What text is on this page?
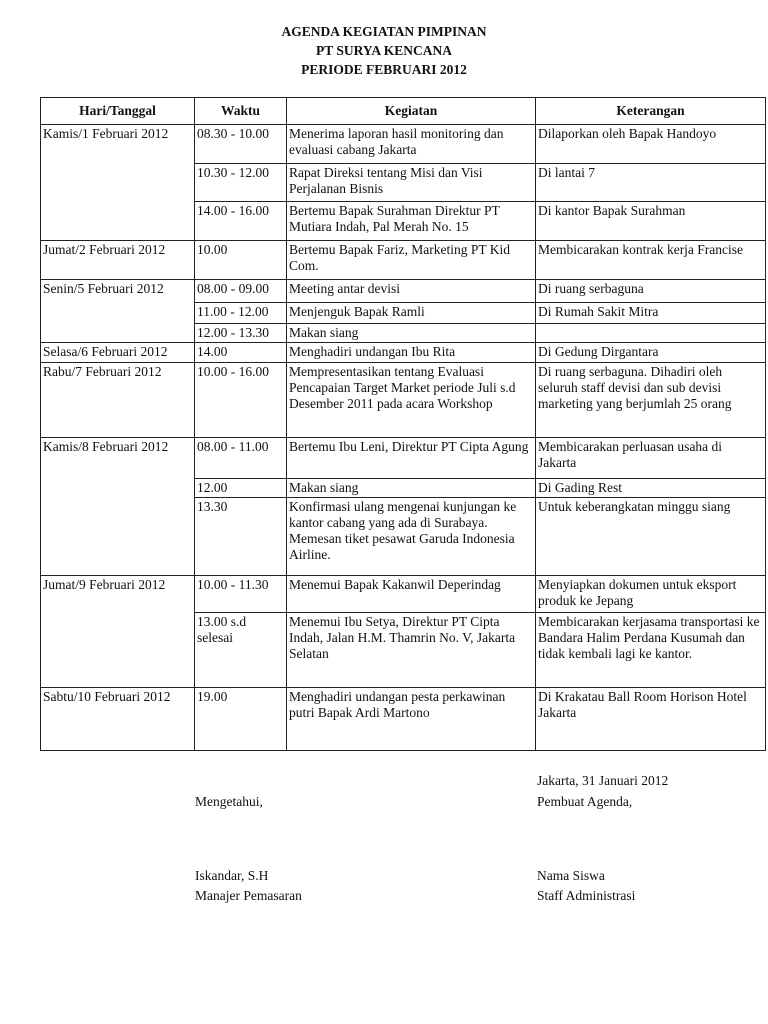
AGENDA KEGIATAN PIMPINAN
PT SURYA KENCANA
PERIODE FEBRUARI 2012
Hari/Tanggal	Waktu	Kegiatan	Keterangan
Kamis/1 Februari 2012	08.30 - 10.00	Menerima laporan hasil monitoring dan evaluasi cabang Jakarta	Dilaporkan oleh Bapak Handoyo
	10.30 - 12.00	Rapat Direksi tentang Misi dan Visi Perjalanan Bisnis	Di lantai 7
	14.00 - 16.00	Bertemu Bapak Surahman Direktur PT Mutiara Indah, Pal Merah No. 15	Di kantor Bapak Surahman
Jumat/2 Februari 2012	10.00	Bertemu Bapak Fariz, Marketing PT Kid Com.	Membicarakan kontrak kerja Francise
Senin/5 Februari 2012	08.00 - 09.00	Meeting antar devisi	Di ruang serbaguna
	11.00 - 12.00	Menjenguk Bapak Ramli	Di Rumah Sakit Mitra
	12.00 - 13.30	Makan siang	
Selasa/6 Februari 2012	14.00	Menghadiri undangan Ibu Rita	Di Gedung Dirgantara
Rabu/7 Februari 2012	10.00 - 16.00	Mempresentasikan tentang Evaluasi Pencapaian Target Market periode Juli s.d Desember 2011 pada acara Workshop	Di ruang serbaguna. Dihadiri oleh seluruh staff devisi dan sub devisi marketing yang berjumlah 25 orang
Kamis/8 Februari 2012	08.00 - 11.00	Bertemu Ibu Leni, Direktur PT Cipta Agung	Membicarakan perluasan usaha di Jakarta
	12.00	Makan siang	Di Gading Rest
	13.30	Konfirmasi ulang mengenai kunjungan ke kantor cabang yang ada di Surabaya. Memesan tiket pesawat Garuda Indonesia Airline.	Untuk keberangkatan minggu siang
Jumat/9 Februari 2012	10.00 - 11.30	Menemui Bapak Kakanwil Deperindag	Menyiapkan dokumen untuk eksport produk ke Jepang
	13.00 s.d selesai	Menemui Ibu Setya, Direktur PT Cipta Indah, Jalan H.M. Thamrin No. V, Jakarta Selatan	Membicarakan kerjasama transportasi ke Bandara Halim Perdana Kusumah dan tidak kembali lagi ke kantor.
Sabtu/10 Februari 2012	19.00	Menghadiri undangan pesta perkawinan putri Bapak Ardi Martono	Di Krakatau Ball Room Horison Hotel Jakarta
Jakarta, 31 Januari 2012
Mengetahui,	Pembuat Agenda,
Iskandar, S.H
Manajer Pemasaran
Nama Siswa
Staff Administrasi
